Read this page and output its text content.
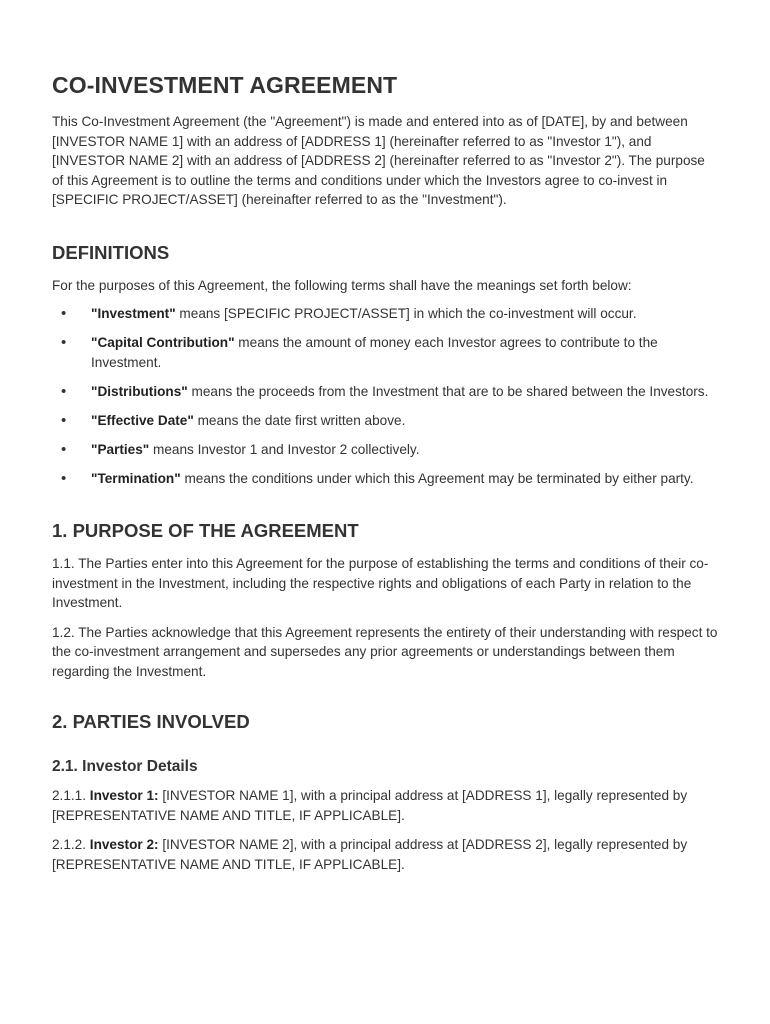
CO-INVESTMENT AGREEMENT

This Co-Investment Agreement (the "Agreement") is made and entered into as of [DATE], by and between [INVESTOR NAME 1] with an address of [ADDRESS 1] (hereinafter referred to as "Investor 1"), and [INVESTOR NAME 2] with an address of [ADDRESS 2] (hereinafter referred to as "Investor 2"). The purpose of this Agreement is to outline the terms and conditions under which the Investors agree to co-invest in [SPECIFIC PROJECT/ASSET] (hereinafter referred to as the "Investment").

DEFINITIONS

For the purposes of this Agreement, the following terms shall have the meanings set forth below:

• "Investment" means [SPECIFIC PROJECT/ASSET] in which the co-investment will occur.
• "Capital Contribution" means the amount of money each Investor agrees to contribute to the Investment.
• "Distributions" means the proceeds from the Investment that are to be shared between the Investors.
• "Effective Date" means the date first written above.
• "Parties" means Investor 1 and Investor 2 collectively.
• "Termination" means the conditions under which this Agreement may be terminated by either party.
1. PURPOSE OF THE AGREEMENT

1.1. The Parties enter into this Agreement for the purpose of establishing the terms and conditions of their co-investment in the Investment, including the respective rights and obligations of each Party in relation to the Investment.

1.2. The Parties acknowledge that this Agreement represents the entirety of their understanding with respect to the co-investment arrangement and supersedes any prior agreements or understandings between them regarding the Investment.

2. PARTIES INVOLVED
2.1. Investor Details

2.1.1. Investor 1: [INVESTOR NAME 1], with a principal address at [ADDRESS 1], legally represented by [REPRESENTATIVE NAME AND TITLE, IF APPLICABLE].

2.1.2. Investor 2: [INVESTOR NAME 2], with a principal address at [ADDRESS 2], legally represented by [REPRESENTATIVE NAME AND TITLE, IF APPLICABLE].
